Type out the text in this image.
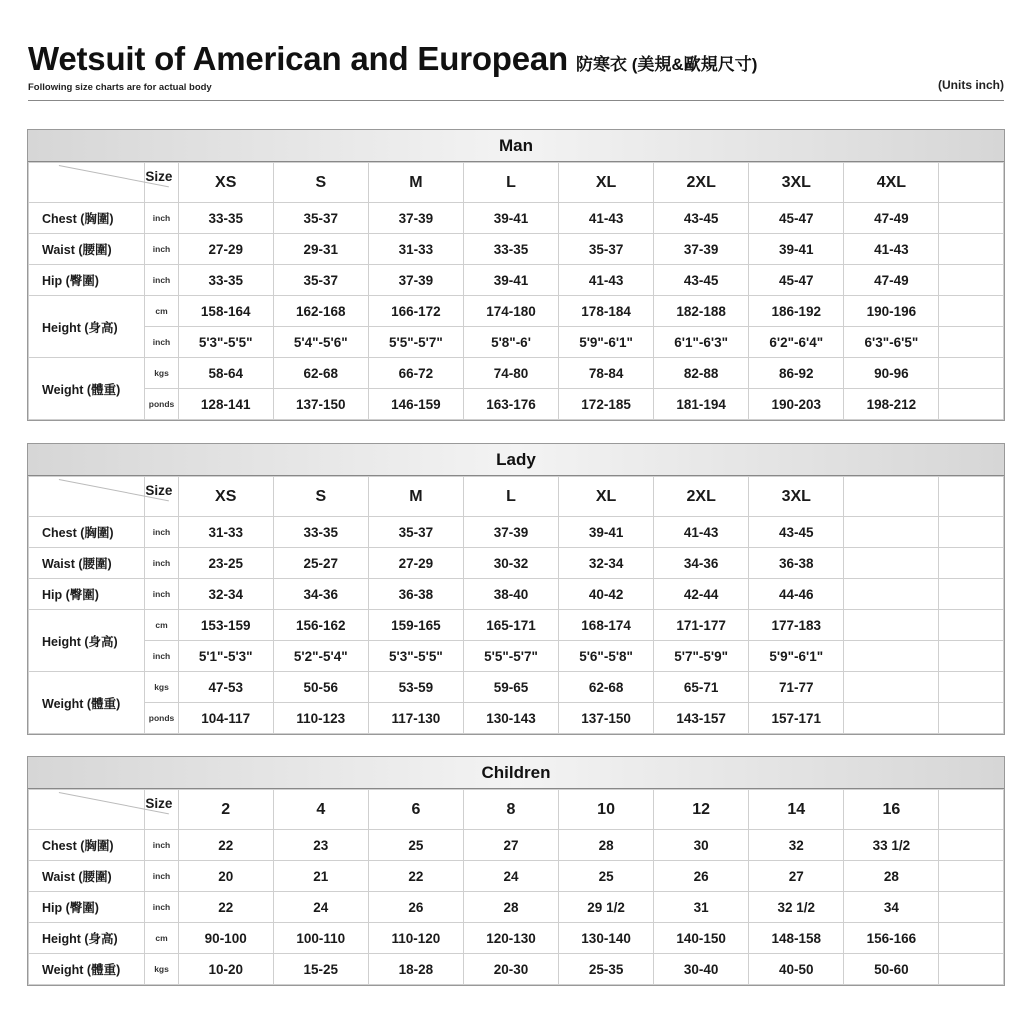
Wetsuit of American and European 防寒衣 (美規&歐規尺寸)
Following size charts are for actual body	(Units inch)
Man
	Size	XS	S	M	L	XL	2XL	3XL	4XL	
Chest (胸圍)	inch	33-35	35-37	37-39	39-41	41-43	43-45	45-47	47-49	
Waist (腰圍)	inch	27-29	29-31	31-33	33-35	35-37	37-39	39-41	41-43	
Hip (臀圍)	inch	33-35	35-37	37-39	39-41	41-43	43-45	45-47	47-49	
Height (身高)	cm	158-164	162-168	166-172	174-180	178-184	182-188	186-192	190-196	
	inch	5'3"-5'5"	5'4"-5'6"	5'5"-5'7"	5'8"-6'	5'9"-6'1"	6'1"-6'3"	6'2"-6'4"	6'3"-6'5"	
Weight (體重)	kgs	58-64	62-68	66-72	74-80	78-84	82-88	86-92	90-96	
	ponds	128-141	137-150	146-159	163-176	172-185	181-194	190-203	198-212	
Lady
	Size	XS	S	M	L	XL	2XL	3XL		
Chest (胸圍)	inch	31-33	33-35	35-37	37-39	39-41	41-43	43-45		
Waist (腰圍)	inch	23-25	25-27	27-29	30-32	32-34	34-36	36-38		
Hip (臀圍)	inch	32-34	34-36	36-38	38-40	40-42	42-44	44-46		
Height (身高)	cm	153-159	156-162	159-165	165-171	168-174	171-177	177-183		
	inch	5'1"-5'3"	5'2"-5'4"	5'3"-5'5"	5'5"-5'7"	5'6"-5'8"	5'7"-5'9"	5'9"-6'1"		
Weight (體重)	kgs	47-53	50-56	53-59	59-65	62-68	65-71	71-77		
	ponds	104-117	110-123	117-130	130-143	137-150	143-157	157-171		
Children
	Size	2	4	6	8	10	12	14	16	
Chest (胸圍)	inch	22	23	25	27	28	30	32	33 1/2	
Waist (腰圍)	inch	20	21	22	24	25	26	27	28	
Hip (臀圍)	inch	22	24	26	28	29 1/2	31	32 1/2	34	
Height (身高)	cm	90-100	100-110	110-120	120-130	130-140	140-150	148-158	156-166	
Weight (體重)	kgs	10-20	15-25	18-28	20-30	25-35	30-40	40-50	50-60	
